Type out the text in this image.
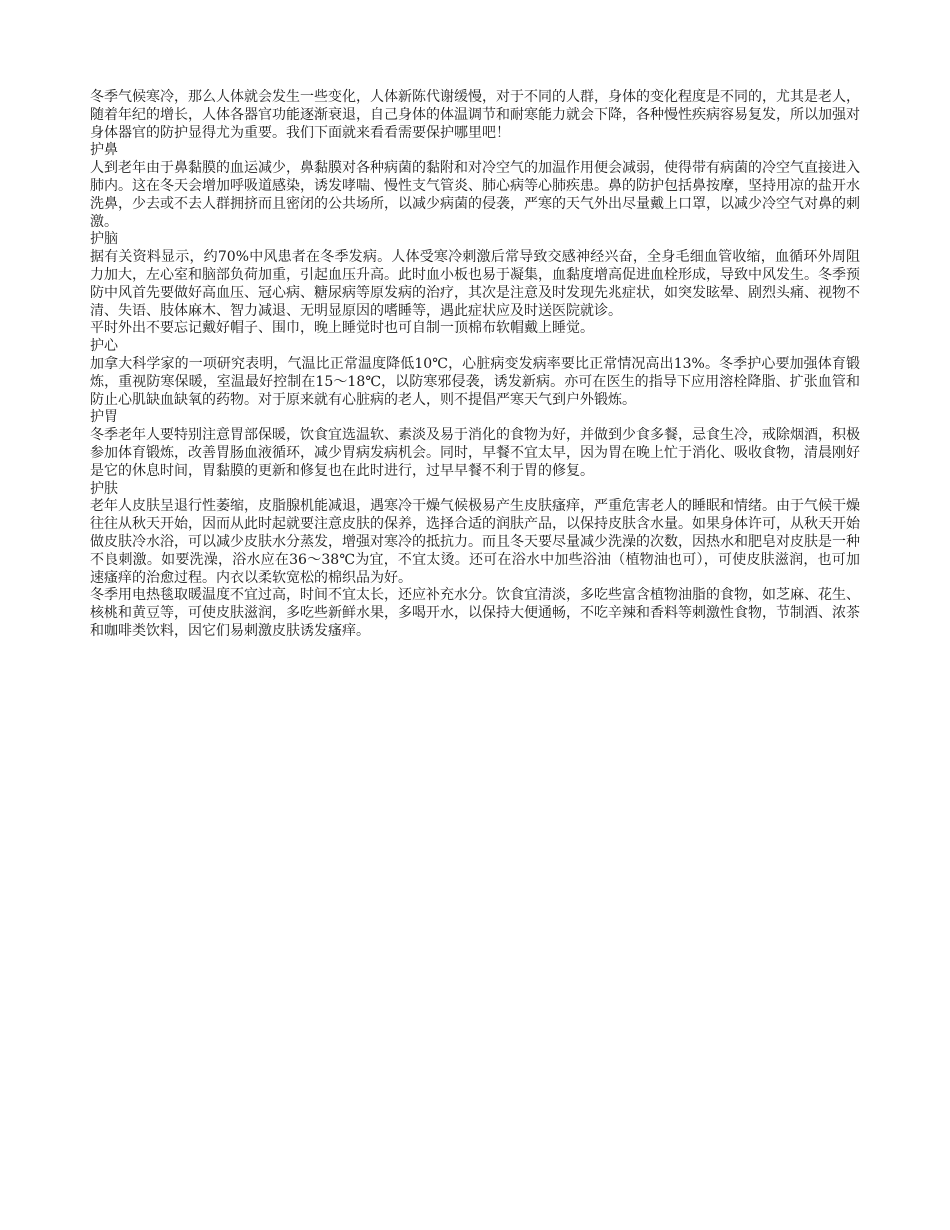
冬季气候寒冷，那么人体就会发生一些变化，人体新陈代谢缓慢，对于不同的人群，身体的变化程度是不同的，尤其是老人，随着年纪的增长，人体各器官功能逐渐衰退，自己身体的体温调节和耐寒能力就会下降，各种慢性疾病容易复发，所以加强对身体器官的防护显得尤为重要。我们下面就来看看需要保护哪里吧！

护鼻

人到老年由于鼻黏膜的血运减少，鼻黏膜对各种病菌的黏附和对冷空气的加温作用便会减弱，使得带有病菌的冷空气直接进入肺内。这在冬天会增加呼吸道感染，诱发哮喘、慢性支气管炎、肺心病等心肺疾患。鼻的防护包括鼻按摩，坚持用凉的盐开水洗鼻，少去或不去人群拥挤而且密闭的公共场所，以减少病菌的侵袭，严寒的天气外出尽量戴上口罩，以减少冷空气对鼻的刺激。

护脑

据有关资料显示，约70%中风患者在冬季发病。人体受寒冷刺激后常导致交感神经兴奋，全身毛细血管收缩，血循环外周阻力加大，左心室和脑部负荷加重，引起血压升高。此时血小板也易于凝集，血黏度增高促进血栓形成，导致中风发生。冬季预防中风首先要做好高血压、冠心病、糖尿病等原发病的治疗，其次是注意及时发现先兆症状，如突发眩晕、剧烈头痛、视物不清、失语、肢体麻木、智力减退、无明显原因的嗜睡等，遇此症状应及时送医院就诊。

平时外出不要忘记戴好帽子、围巾，晚上睡觉时也可自制一顶棉布软帽戴上睡觉。

护心

加拿大科学家的一项研究表明，气温比正常温度降低10℃，心脏病变发病率要比正常情况高出13%。冬季护心要加强体育锻炼，重视防寒保暖，室温最好控制在15～18℃，以防寒邪侵袭，诱发新病。亦可在医生的指导下应用溶栓降脂、扩张血管和防止心肌缺血缺氧的药物。对于原来就有心脏病的老人，则不提倡严寒天气到户外锻炼。

护胃

冬季老年人要特别注意胃部保暖，饮食宜选温软、素淡及易于消化的食物为好，并做到少食多餐，忌食生冷，戒除烟酒，积极参加体育锻炼，改善胃肠血液循环，减少胃病发病机会。同时，早餐不宜太早，因为胃在晚上忙于消化、吸收食物，清晨刚好是它的休息时间，胃黏膜的更新和修复也在此时进行，过早早餐不利于胃的修复。

护肤

老年人皮肤呈退行性萎缩，皮脂腺机能减退，遇寒冷干燥气候极易产生皮肤瘙痒，严重危害老人的睡眠和情绪。由于气候干燥往往从秋天开始，因而从此时起就要注意皮肤的保养，选择合适的润肤产品，以保持皮肤含水量。如果身体许可，从秋天开始做皮肤冷水浴，可以减少皮肤水分蒸发，增强对寒冷的抵抗力。而且冬天要尽量减少洗澡的次数，因热水和肥皂对皮肤是一种不良刺激。如要洗澡，浴水应在36～38℃为宜，不宜太烫。还可在浴水中加些浴油（植物油也可），可使皮肤滋润，也可加速瘙痒的治愈过程。内衣以柔软宽松的棉织品为好。

冬季用电热毯取暖温度不宜过高，时间不宜太长，还应补充水分。饮食宜清淡，多吃些富含植物油脂的食物，如芝麻、花生、核桃和黄豆等，可使皮肤滋润，多吃些新鲜水果，多喝开水，以保持大便通畅，不吃辛辣和香料等刺激性食物，节制酒、浓茶和咖啡类饮料，因它们易刺激皮肤诱发瘙痒。
